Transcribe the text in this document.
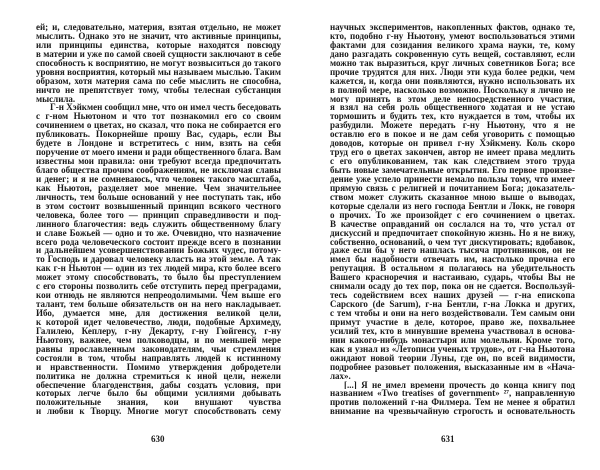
ей; и, следовательно, материя, взятая отдельно, не может
мыслить. Однако это не значит, что активные принципы,
или принципы единства, которые находятся повсюду
в материи и уже по самой своей сущности заключают в себе
способность к восприятию, не могут возвыситься до такого
уровня восприятия, который мы называем мыслью. Таким
образом, хотя материя сама по себе мыслить не способна,
ничто не препятствует тому, чтобы телесная субстанция
мыслила.
Г-н Хэйкмен сообщил мне, что он имел честь беседовать
с г-ном Ньютоном и что тот познакомил его со своим
сочинением о цветах, но сказал, что пока не собирается его
публиковать. Покорнейше прошу Вас, сударь, если Вы
будете в Лондоне и встретитесь с ним, взять на себя
поручение от моего имени и ради общественного блага. Вам
известны мои правила: они требуют всегда предпочитать
благо общества прочим соображениям, не исключая славы
и денег; и я не сомневаюсь, что человек такого масштаба,
как Ньютон, разделяет мое мнение. Чем значительнее
личность, тем больше оснований у нее поступать так, ибо
в этом состоит возвышенный принцип всякого честного
человека, более того — принцип справедливости и под-
линного благочестия: ведь служить общественному благу
и славе Божьей — одно и то же. Очевидно, что назначение
всего рода человеческого состоит прежде всего в познании
и дальнейшем усовершенствовании Божьих чудес, потому-
то Господь и даровал человеку власть на этой земле. А так
как г-н Ньютон — один из тех людей мира, кто более всего
может этому способствовать, то было бы преступлением
с его стороны позволить себе отступить перед преградами,
кои отнюдь не являются непреодолимыми. Чем выше его
талант, тем больше обязательств он на него накладывает.
Ибо, думается мне, для достижения великой цели,
к которой идет человечество, люди, подобные Архимеду,
Галилею, Кеплеру, г-ну Декарту, г-ну Гюйгенсу, г-ну
Ньютону, важнее, чем полководцы, и по меньшей мере
равны прославленным законодателям, чьи стремления
состояли в том, чтобы направлять людей к истинному
и нравственности. Помимо утверждения добродетели
политика не должна стремиться к иной цели, нежели
обеспечение благоденствия, дабы создать условия, при
которых легче было бы общими усилиями добывать
положительные знания, кои внушают чувства
и любви к Творцу. Многие могут способствовать сему
научных экспериментов, накопленных фактов, однако те,
кто, подобно г-ну Ньютону, умеют воспользоваться этими
фактами для созидания великого храма науки, те, кому
дано разгадать сокровенную суть вещей, составляют, если
можно так выразиться, круг личных советников Бога; все
прочие трудятся для них. Люди эти куда более редки, чем
кажется, и, когда они появляются, нужно использовать их
в полной мере, насколько возможно. Поскольку я лично не
могу принять в этом деле непосредственного участия,
я взял на себя роль общественного ходатая и не устаю
тормошить и будить тех, кто нуждается в том, чтобы их
разбудили. Можете передать г-ну Ньютону, что я не
оставлю его в покое и не дам себя уговорить с помощью
доводов, которые он привел г-ну Хэйкмену. Коль скоро
труд его о цветах закончен, автор не имеет права медлить
с его опубликованием, так как следствием этого труда
быть новые замечательные открытия. Его первое произве-
дение уже успело принести немало пользы тому, что имеет
прямую связь с религией и почитанием Бога; доказатель-
ством может служить сказанное мною выше о выводах,
которые сделали из него господа Бентли и Локк, не говоря
о прочих. То же произойдет с его сочинением о цветах.
В качестве оправданий он сослался на то, что устал от
дискуссий и предпочитает спокойную жизнь. Но я не вижу,
собственно, оснований, о чем тут дискутировать; вдобавок,
даже если бы у него нашлась тысяча противников, он не
имел бы надобности отвечать им, настолько прочна его
репутация. В остальном я полагаюсь на убедительность
Вашего красноречия и настаиваю, сударь, чтобы Вы не
снимали осаду до тех пор, пока он не сдается. Воспользуй-
тесь содействием всех наших друзей — г-на епископа
Сарского (de Sarum), г-на Бентли, г-на Локка и других,
с тем чтобы и они на него воздействовали. Тем самым они
примут участие в деле, которое, право же, похвальнее
усилий тех, кто в минувшие времена участвовал в основа-
нии какого-нибудь монастыря или молельни. Кроме того,
как я узнал из «Летописи ученых трудов», от г-на Ньютона
ожидают новой теории Луны, где он, по всей видимости,
подробнее разовьет положения, высказанные им в «Нача-
лах».
[...] Я не имел времени прочесть до конца книгу под
названием «Two treatises of government» ²⁷, направленную
против положений г-на Филмера. Тем не менее я обратил
внимание на чрезвычайную строгость и основательность
630	631
